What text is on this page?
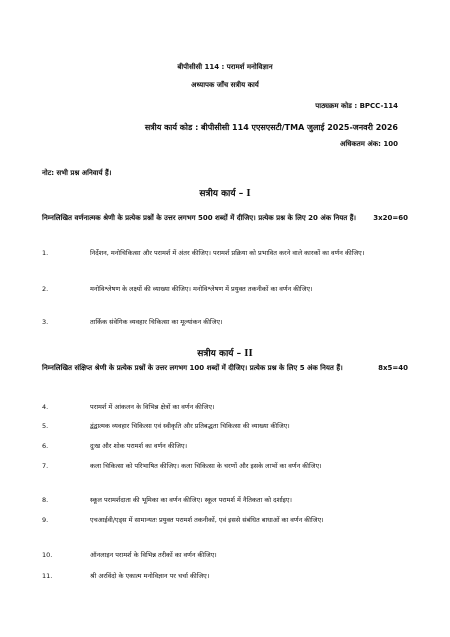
बीपीसीसी 114 : परामर्श मनोविज्ञान
अध्यापक जाँच सत्रीय कार्य
पाठ्यक्रम कोड : BPCC-114
सत्रीय कार्य कोड : बीपीसीसी 114 एएसएसटी/TMA जुलाई 2025-जनवरी 2026
अधिकतम अंक: 100
नोट: सभी प्रश्न अनिवार्य हैं।
सत्रीय कार्य – I
निम्नलिखित वर्णनात्मक श्रेणी के प्रत्येक प्रश्नों के उत्तर लगभग 500 शब्दों में दीजिए। प्रत्येक प्रश्न के लिए 20 अंक नियत हैं। 3x20=60
1.	निर्देशन, मनोचिकित्सा और परामर्श में अंतर कीजिए। परामर्श प्रक्रिया को प्रभावित करने वाले कारकों का वर्णन कीजिए।
2.	मनोविश्लेषण के लक्ष्यों की व्याख्या कीजिए। मनोविश्लेषण में प्रयुक्त तकनीकों का वर्णन कीजिए।
3.	तार्किक संवेगिक व्यवहार चिकित्सा का मूल्यांकन कीजिए।
सत्रीय कार्य – II
निम्नलिखित संक्षिप्त श्रेणी के प्रत्येक प्रश्नों के उत्तर लगभग 100 शब्दों में दीजिए। प्रत्येक प्रश्न के लिए 5 अंक नियत हैं।	8x5=40
4.	परामर्श में आंकलन के विभिन्न क्षेत्रों का वर्णन कीजिए।
5.	द्वंद्वात्मक व्यवहार चिकित्सा एवं स्वीकृति और प्रतिबद्धता चिकित्सा की व्याख्या कीजिए।
6.	दुःख और शोक परामर्श का वर्णन कीजिए।
7.	कला चिकित्सा को परिभाषित कीजिए। कला चिकित्सा के चरणों और इसके लाभों का वर्णन कीजिए।
8.	स्कूल परामर्शदाता की भूमिका का वर्णन कीजिए। स्कूल परामर्श में नैतिकता को दर्शाइए।
9.	एचआईवी/एड्स में सामान्यतः प्रयुक्त परामर्श तकनीकों, एवं इससे संबंधित बाधाओं का वर्णन कीजिए।
10.	ऑनलाइन परामर्श के विभिन्न तरीकों का वर्णन कीजिए।
11.	श्री अरविंदो के एकात्म मनोविज्ञान पर चर्चा कीजिए।
